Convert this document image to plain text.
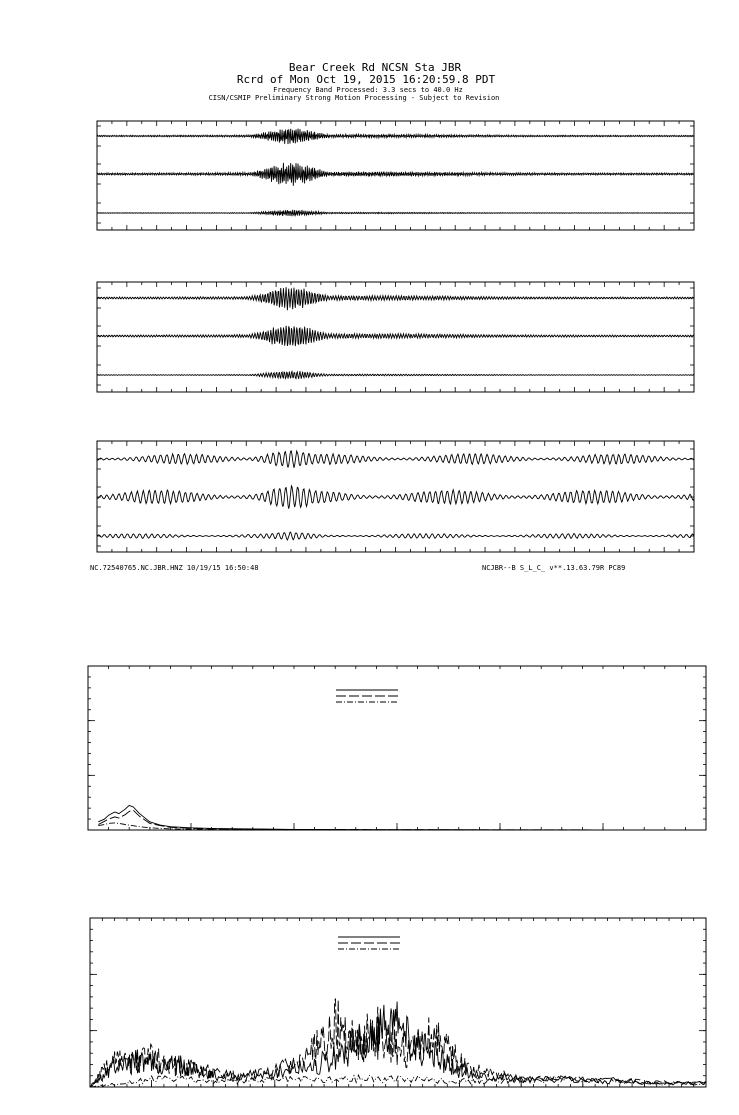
Bear Creek Rd NCSN Sta JBR
Rcrd of Mon Oct 19, 2015 16:20:59.8 PDT
Frequency Band Processed: 3.3 secs to 40.0 Hz
CISN/CSMIP Preliminary Strong Motion Processing - Subject to Revision
NC.72540765.NC.JBR.HNZ 10/19/15 16:50:48	NCJBR--B S_L_C_ v**.13.63.79R PC89
